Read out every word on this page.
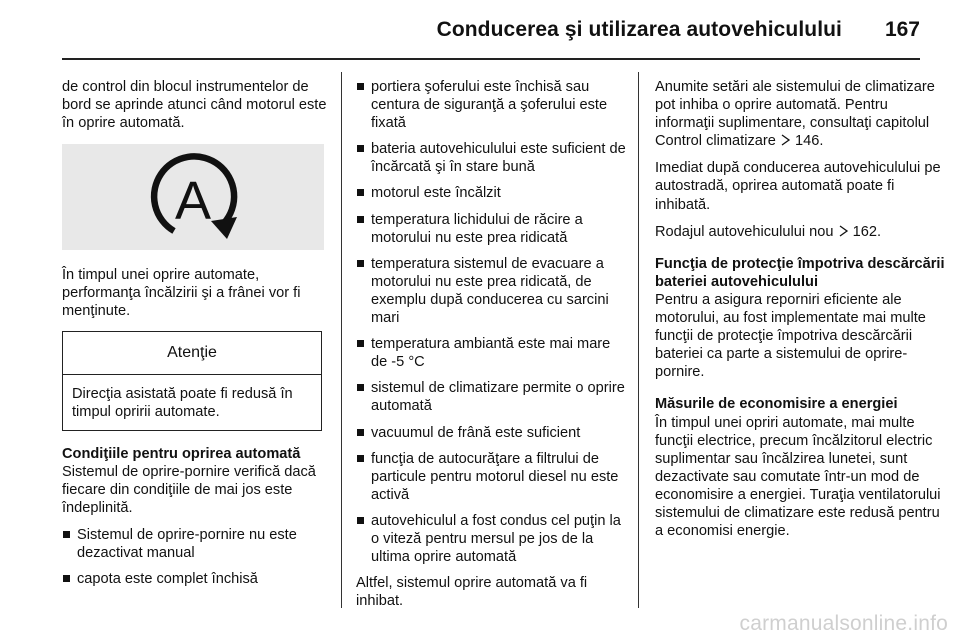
Conducerea şi utilizarea autovehiculului 167

de control din blocul instrumentelor de bord se aprinde atunci când motorul este în oprire automată.

A

În timpul unei oprire automate, performanţa încălzirii şi a frânei vor fi menţinute.

Atenţie
Direcţia asistată poate fi redusă în timpul opririi automate.
Condiţiile pentru oprirea automată

Sistemul de oprire-pornire verifică dacă fiecare din condiţiile de mai jos este îndeplinită.

Sistemul de oprire-pornire nu este dezactivat manual
capota este complet închisă
portiera şoferului este închisă sau centura de siguranţă a şoferului este fixată
bateria autovehiculului este suficient de încărcată şi în stare bună
motorul este încălzit
temperatura lichidului de răcire a motorului nu este prea ridicată
temperatura sistemul de evacuare a motorului nu este prea ridicată, de exemplu după conducerea cu sarcini mari
temperatura ambiantă este mai mare de -5 °C
sistemul de climatizare permite o oprire automată
vacuumul de frână este suficient
funcţia de autocurăţare a filtrului de particule pentru motorul diesel nu este activă
autovehiculul a fost condus cel puţin la o viteză pentru mersul pe jos de la ultima oprire automată

Altfel, sistemul oprire automată va fi inhibat.

Anumite setări ale sistemului de climatizare pot inhiba o oprire automată. Pentru informaţii suplimentare, consultaţi capitolul Control climatizare 146.

Imediat după conducerea autovehiculului pe autostradă, oprirea automată poate fi inhibată.

Rodajul autovehiculului nou 162.

Funcţia de protecţie împotriva descărcării bateriei autovehiculului

Pentru a asigura reporniri eficiente ale motorului, au fost implementate mai multe funcţii de protecţie împotriva descărcării bateriei ca parte a sistemului de oprire-pornire.

Măsurile de economisire a energiei

În timpul unei opriri automate, mai multe funcţii electrice, precum încălzitorul electric suplimentar sau încălzirea lunetei, sunt dezactivate sau comutate într-un mod de economisire a energiei. Turaţia ventilatorului sistemului de climatizare este redusă pentru a economisi energie.

carmanualsonline.info
